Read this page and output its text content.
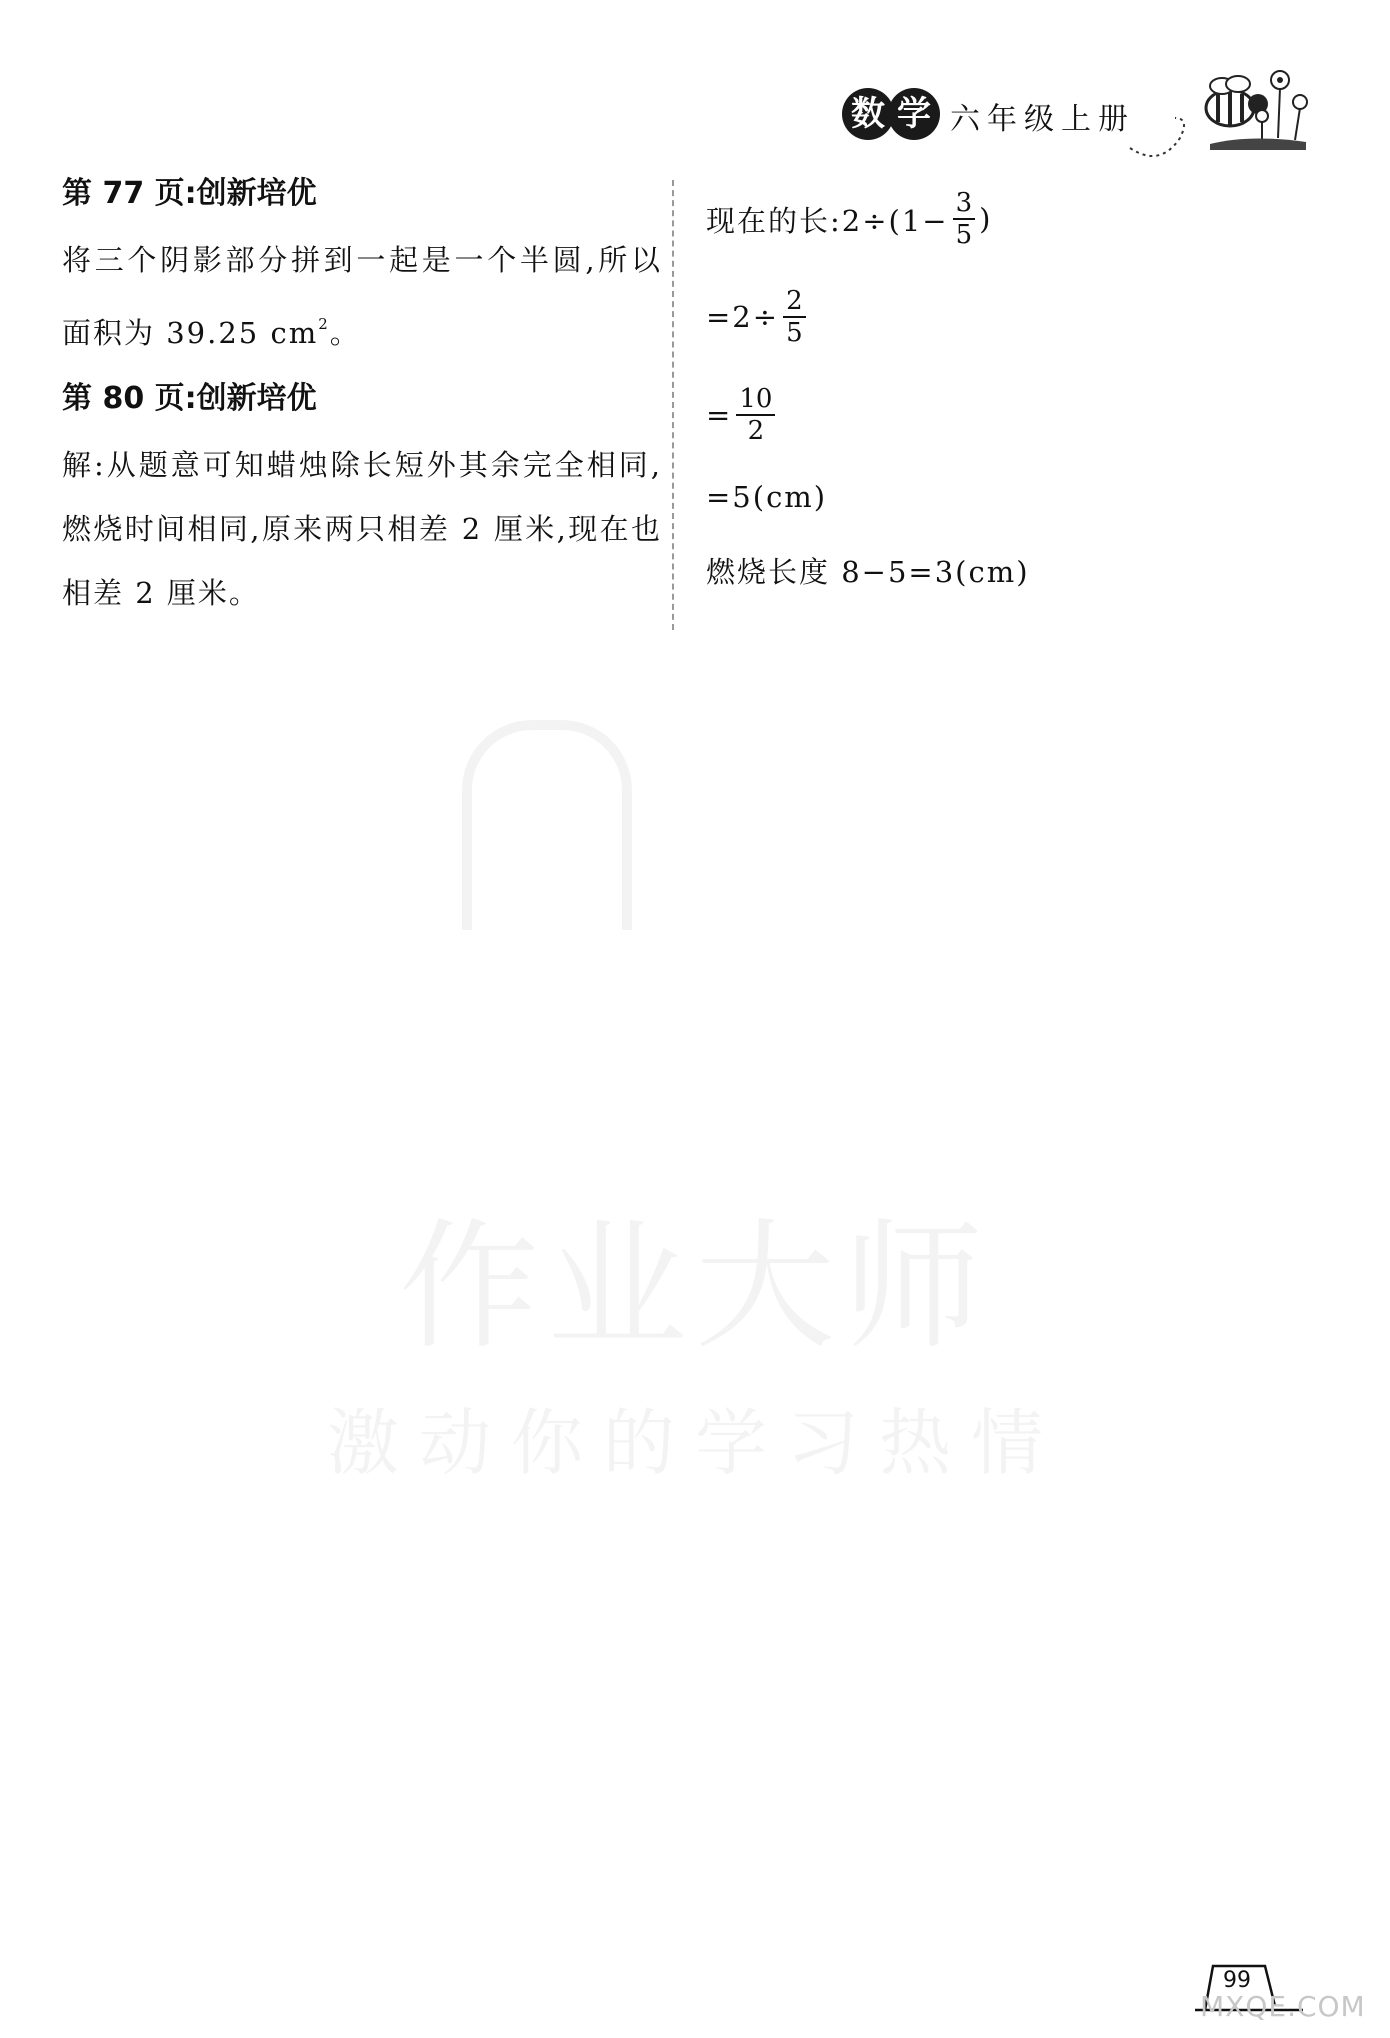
数 学 六年级上册
第 77 页:创新培优
将三个阴影部分拼到一起是一个半圆,所以面积为 39.25 $cm^2$。
第 80 页:创新培优
解:从题意可知蜡烛除长短外其余完全相同,燃烧时间相同,原来两只相差 2 厘米,现在也相差 2 厘米。
现在的长:2÷(1− $\frac{3}{5}$ )
$=2\div \frac{2}{5}$
= $\frac{10}{2}$
=5(cm)
燃烧长度 8−5=3(cm)
作业大师
激动你的学习热情
99
MXQE.COM
